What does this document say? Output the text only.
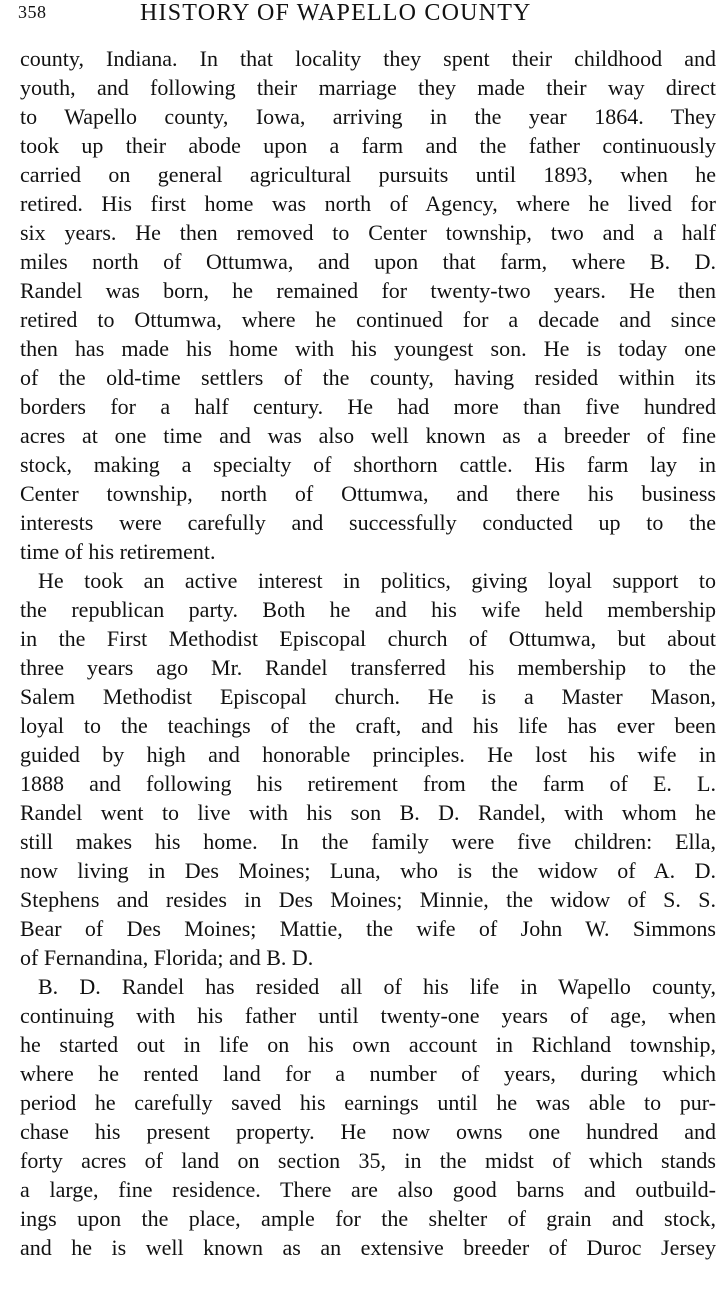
358	HISTORY OF WAPELLO COUNTY
county, Indiana. In that locality they spent their childhood and
youth, and following their marriage they made their way direct
to Wapello county, Iowa, arriving in the year 1864. They
took up their abode upon a farm and the father continuously
carried on general agricultural pursuits until 1893, when he
retired. His first home was north of Agency, where he lived for
six years. He then removed to Center township, two and a half
miles north of Ottumwa, and upon that farm, where B. D.
Randel was born, he remained for twenty-two years. He then
retired to Ottumwa, where he continued for a decade and since
then has made his home with his youngest son. He is today one
of the old-time settlers of the county, having resided within its
borders for a half century. He had more than five hundred
acres at one time and was also well known as a breeder of fine
stock, making a specialty of shorthorn cattle. His farm lay in
Center township, north of Ottumwa, and there his business
interests were carefully and successfully conducted up to the
time of his retirement.
He took an active interest in politics, giving loyal support to
the republican party. Both he and his wife held membership
in the First Methodist Episcopal church of Ottumwa, but about
three years ago Mr. Randel transferred his membership to the
Salem Methodist Episcopal church. He is a Master Mason,
loyal to the teachings of the craft, and his life has ever been
guided by high and honorable principles. He lost his wife in
1888 and following his retirement from the farm of E. L.
Randel went to live with his son B. D. Randel, with whom he
still makes his home. In the family were five children: Ella,
now living in Des Moines; Luna, who is the widow of A. D.
Stephens and resides in Des Moines; Minnie, the widow of S. S.
Bear of Des Moines; Mattie, the wife of John W. Simmons
of Fernandina, Florida; and B. D.
B. D. Randel has resided all of his life in Wapello county,
continuing with his father until twenty-one years of age, when
he started out in life on his own account in Richland township,
where he rented land for a number of years, during which
period he carefully saved his earnings until he was able to pur-
chase his present property. He now owns one hundred and
forty acres of land on section 35, in the midst of which stands
a large, fine residence. There are also good barns and outbuild-
ings upon the place, ample for the shelter of grain and stock,
and he is well known as an extensive breeder of Duroc Jersey
